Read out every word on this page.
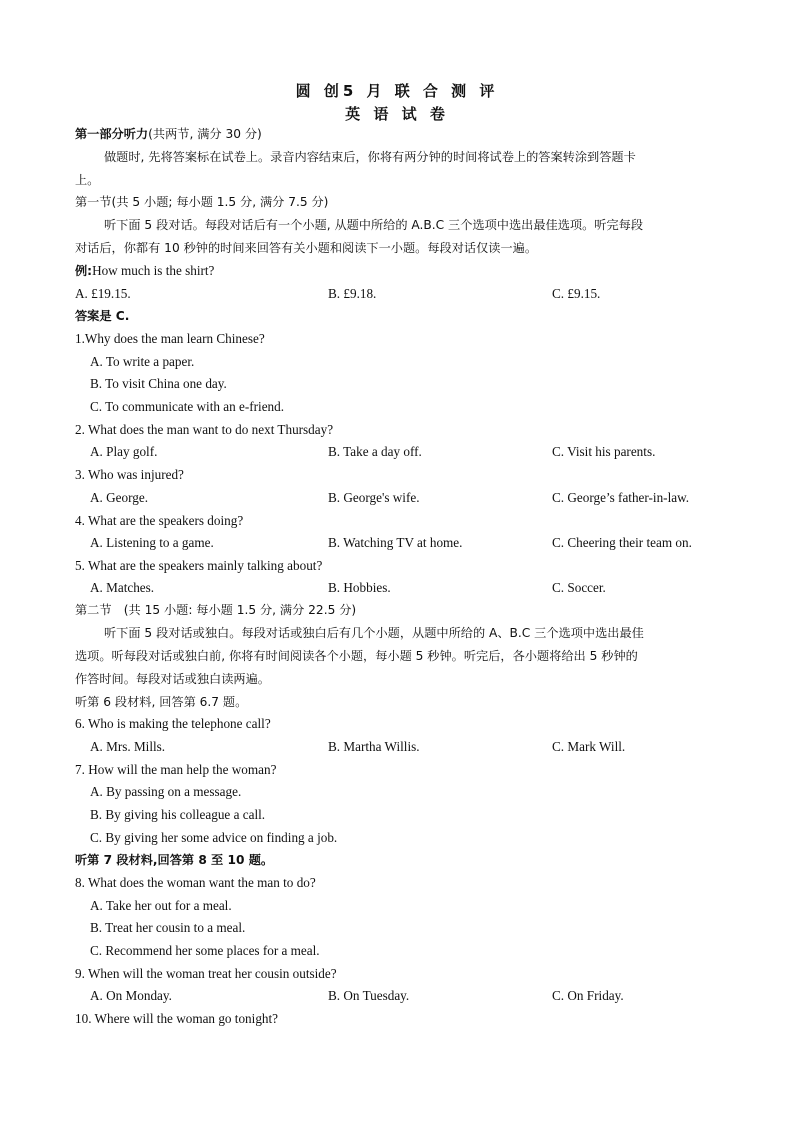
圆 创5 月 联 合 测 评
英 语 试 卷
第一部分听力(共两节, 满分 30 分)
做题时, 先将答案标在试卷上。录音内容结束后，你将有两分钟的时间将试卷上的答案转涂到答题卡
上。
第一节(共 5 小题; 每小题 1.5 分, 满分 7.5 分)
听下面 5 段对话。每段对话后有一个小题, 从题中所给的 A.B.C 三个选项中选出最佳选项。听完每段
对话后，你都有 10 秒钟的时间来回答有关小题和阅读下一小题。每段对话仅读一遍。
例:How much is the shirt?
A. £19.15.	B. £9.18.	C. £9.15.
答案是 C.
1.Why does the man learn Chinese?
A. To write a paper.
B. To visit China one day.
C. To communicate with an e-friend.
2. What does the man want to do next Thursday?
A. Play golf.	B. Take a day off.	C. Visit his parents.
3. Who was injured?
A. George.	B. George's wife.	C. George’s father-in-law.
4. What are the speakers doing?
A. Listening to a game.	B. Watching TV at home.	C. Cheering their team on.
5. What are the speakers mainly talking about?
A. Matches.	B. Hobbies.	C. Soccer.
第二节　(共 15 小题: 每小题 1.5 分, 满分 22.5 分)
听下面 5 段对话或独白。每段对话或独白后有几个小题，从题中所给的 A、B.C 三个选项中选出最佳
选项。听每段对话或独白前, 你将有时间阅读各个小题，每小题 5 秒钟。听完后，各小题将给出 5 秒钟的
作答时间。每段对话或独白读两遍。
听第 6 段材料, 回答第 6.7 题。
6. Who is making the telephone call?
A. Mrs. Mills.	B. Martha Willis.	C. Mark Will.
7. How will the man help the woman?
A. By passing on a message.
B. By giving his colleague a call.
C. By giving her some advice on finding a job.
听第 7 段材料,回答第 8 至 10 题。
8. What does the woman want the man to do?
A. Take her out for a meal.
B. Treat her cousin to a meal.
C. Recommend her some places for a meal.
9. When will the woman treat her cousin outside?
A. On Monday.	B. On Tuesday.	C. On Friday.
10. Where will the woman go tonight?
